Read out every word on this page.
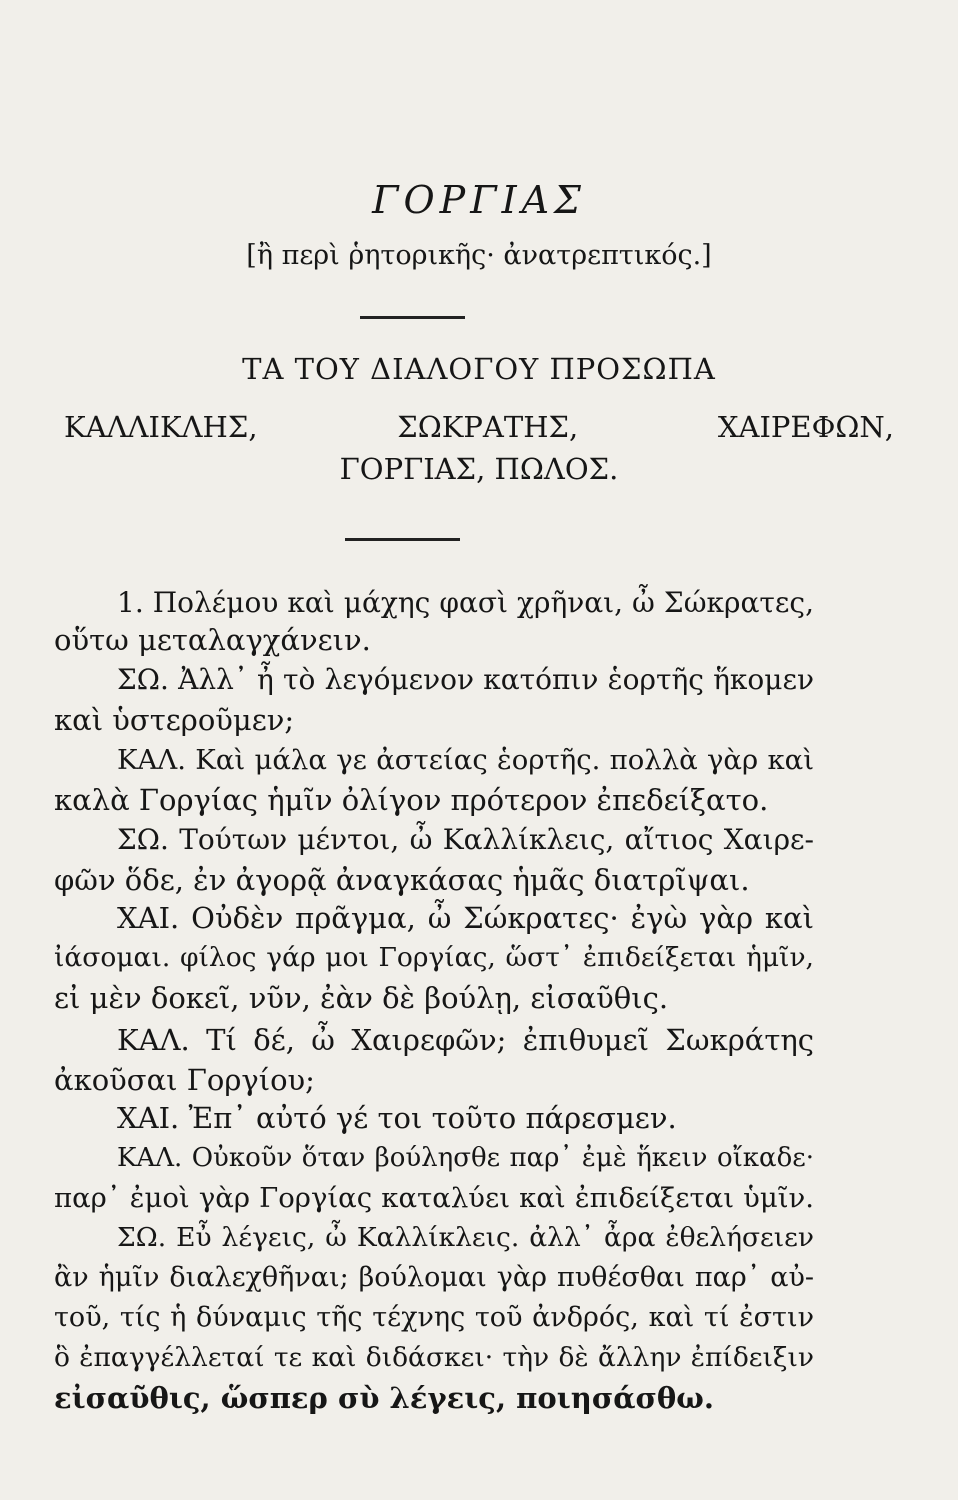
ΓΟΡΓΙΑΣ
[ἢ περὶ ῥητορικῆς· ἀνατρεπτικός.]
ΤΑ ΤΟΥ ΔΙΑΛΟΓΟΥ ΠΡΟΣΩΠΑ
ΚΑΛΛΙΚΛΗΣ, ΣΩΚΡΑΤΗΣ, ΧΑΙΡΕΦΩΝ,
ΓΟΡΓΙΑΣ, ΠΩΛΟΣ.
1. Πολέμου καὶ μάχης φασὶ χρῆναι, ὦ Σώκρατες,
οὕτω μεταλαγχάνειν.
ΣΩ. Ἀλλ᾽ ἦ τὸ λεγόμενον κατόπιν ἑορτῆς ἥκομεν
καὶ ὑστεροῦμεν;
ΚΑΛ. Καὶ μάλα γε ἀστείας ἑορτῆς. πολλὰ γὰρ καὶ
καλὰ Γοργίας ἡμῖν ὀλίγον πρότερον ἐπεδείξατο.
ΣΩ. Τούτων μέντοι, ὦ Καλλίκλεις, αἴτιος Χαιρε-
φῶν ὅδε, ἐν ἀγορᾷ ἀναγκάσας ἡμᾶς διατρῖψαι.
ΧΑΙ. Οὐδὲν πρᾶγμα, ὦ Σώκρατες· ἐγὼ γὰρ καὶ
ἰάσομαι. φίλος γάρ μοι Γοργίας, ὥστ᾽ ἐπιδείξεται ἡμῖν,
εἰ μὲν δοκεῖ, νῦν, ἐὰν δὲ βούλῃ, εἰσαῦθις.
ΚΑΛ. Τί δέ, ὦ Χαιρεφῶν; ἐπιθυμεῖ Σωκράτης
ἀκοῦσαι Γοργίου;
ΧΑΙ. Ἐπ᾽ αὐτό γέ τοι τοῦτο πάρεσμεν.
ΚΑΛ. Οὐκοῦν ὅταν βούλησθε παρ᾽ ἐμὲ ἥκειν οἴκαδε·
παρ᾽ ἐμοὶ γὰρ Γοργίας καταλύει καὶ ἐπιδείξεται ὑμῖν.
ΣΩ. Εὖ λέγεις, ὦ Καλλίκλεις. ἀλλ᾽ ἆρα ἐθελήσειεν
ἂν ἡμῖν διαλεχθῆναι; βούλομαι γὰρ πυθέσθαι παρ᾽ αὐ-
τοῦ, τίς ἡ δύναμις τῆς τέχνης τοῦ ἀνδρός, καὶ τί ἐστιν
ὃ ἐπαγγέλλεταί τε καὶ διδάσκει· τὴν δὲ ἄλλην ἐπίδειξιν
εἰσαῦθις, ὥσπερ σὺ λέγεις, ποιησάσθω.
